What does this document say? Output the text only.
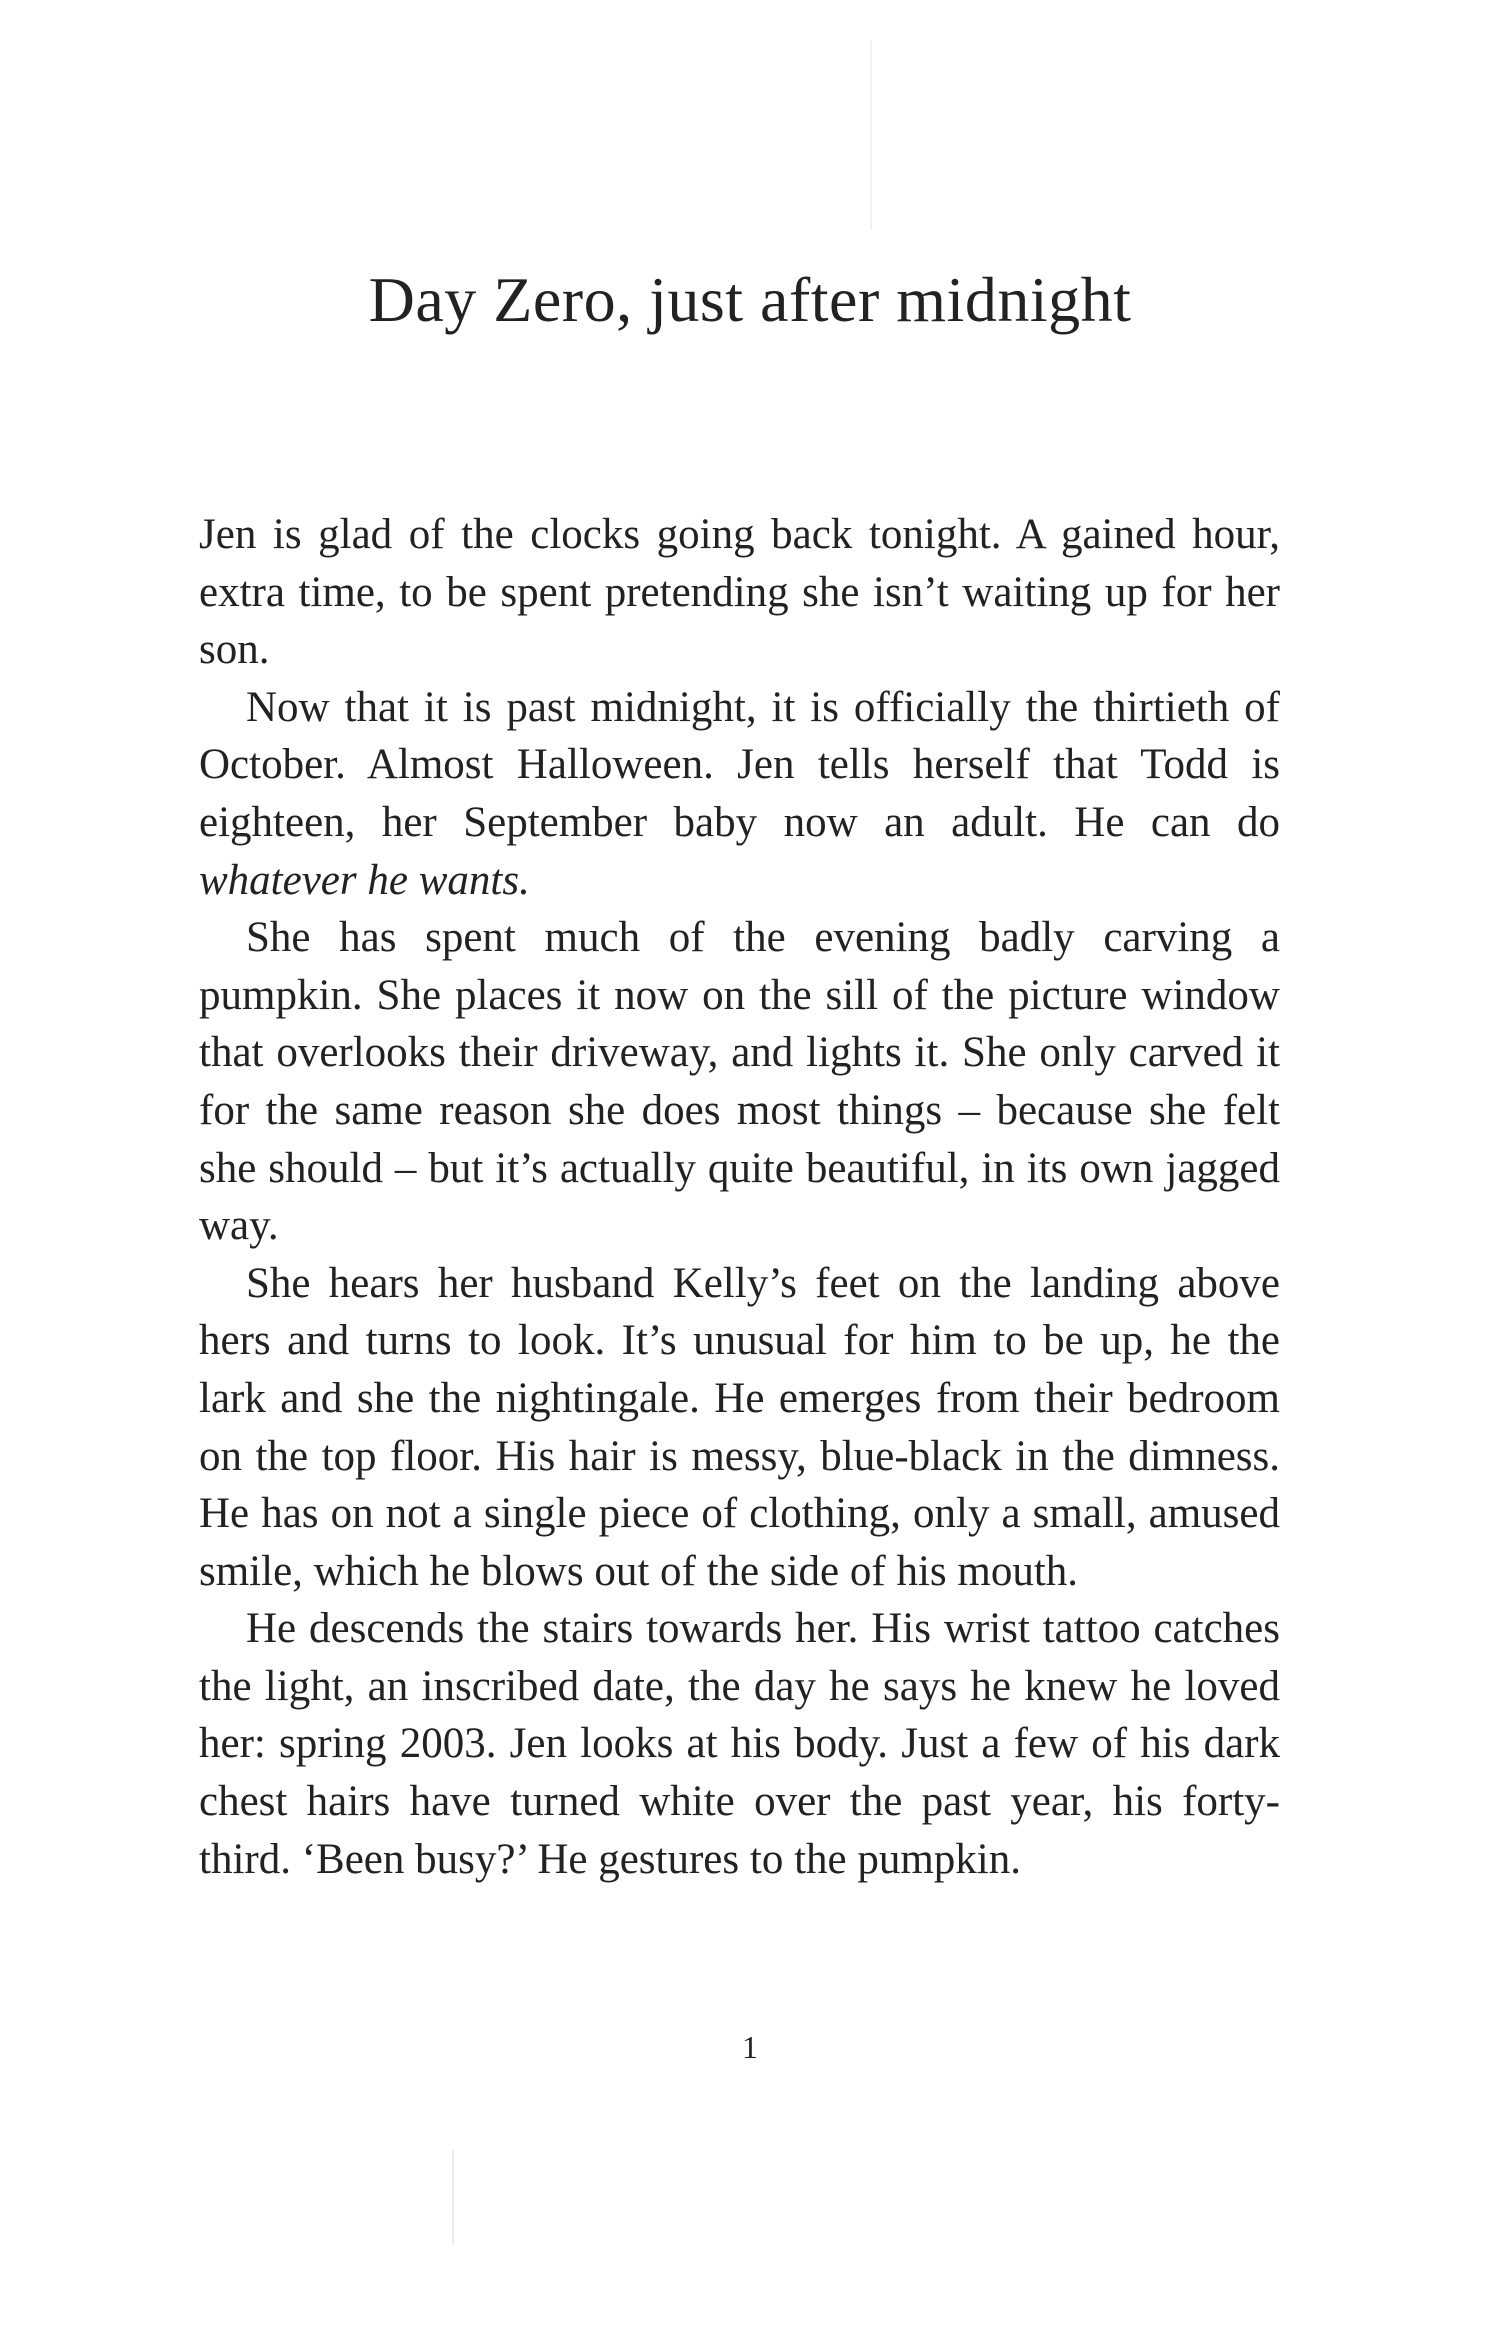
Day Zero, just after midnight

Jen is glad of the clocks going back tonight. A gained hour, extra time, to be spent pretending she isn’t waiting up for her son.

Now that it is past midnight, it is officially the thirtieth of October. Almost Halloween. Jen tells herself that Todd is eighteen, her September baby now an adult. He can do whatever he wants.

She has spent much of the evening badly carving a pumpkin. She places it now on the sill of the picture window that overlooks their driveway, and lights it. She only carved it for the same reason she does most things – because she felt she should – but it’s actually quite beautiful, in its own jagged way.

She hears her husband Kelly’s feet on the landing above hers and turns to look. It’s unusual for him to be up, he the lark and she the nightingale. He emerges from their bedroom on the top floor. His hair is messy, blue-black in the dimness. He has on not a single piece of clothing, only a small, amused smile, which he blows out of the side of his mouth.

He descends the stairs towards her. His wrist tattoo catches the light, an inscribed date, the day he says he knew he loved her: spring 2003. Jen looks at his body. Just a few of his dark chest hairs have turned white over the past year, his forty-third. ‘Been busy?’ He gestures to the pumpkin.

1
